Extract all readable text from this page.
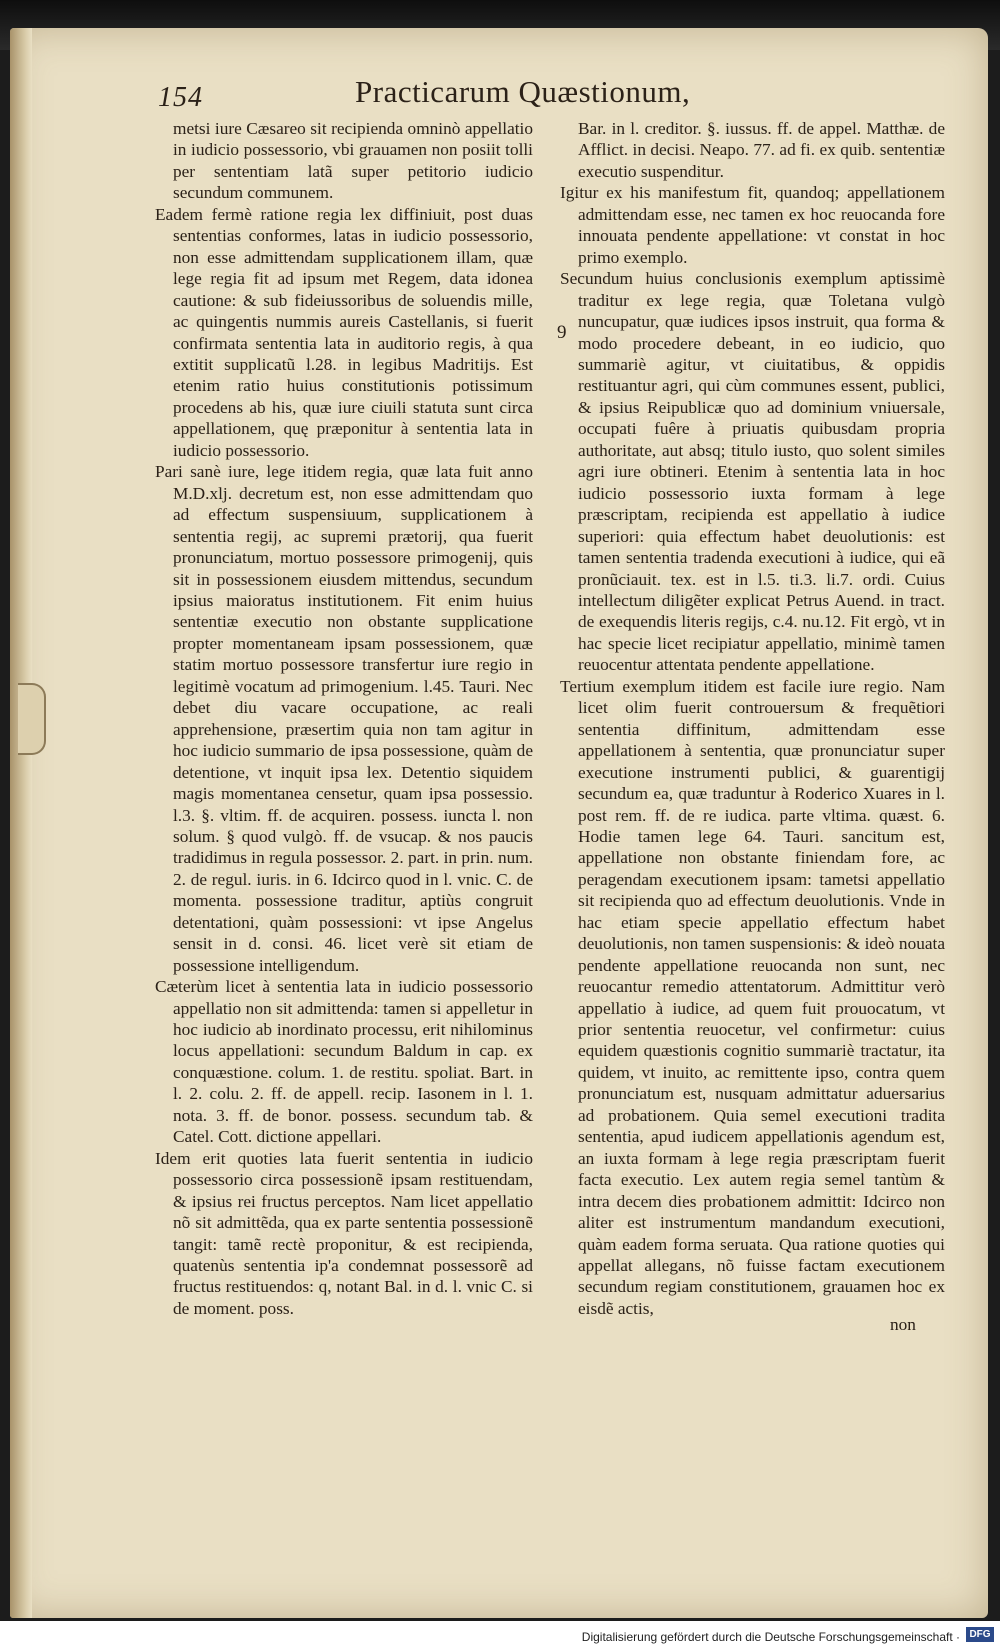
154	Practicarum Quæstionum,

metsi iure Cæsareo sit recipienda omninò appellatio in iudicio possessorio, vbi grauamen non posiit tolli per sententiam latã super petitorio iudicio secundum communem.

Eadem fermè ratione regia lex diffiniuit, post duas sententias conformes, latas in iudicio possessorio, non esse admittendam supplicationem illam, quæ lege regia fit ad ipsum met Regem, data idonea cautione: & sub fideiussoribus de soluendis mille, ac quingentis nummis aureis Castellanis, si fuerit confirmata sententia lata in auditorio regis, à qua extitit supplicatũ l.28. in legibus Madritijs. Est etenim ratio huius constitutionis potissimum procedens ab his, quæ iure ciuili statuta sunt circa appellationem, quę præponitur à sententia lata in iudicio possessorio.

Pari sanè iure, lege itidem regia, quæ lata fuit anno M.D.xlj. decretum est, non esse admittendam quo ad effectum suspensiuum, supplicationem à sententia regij, ac supremi prætorij, qua fuerit pronunciatum, mortuo possessore primogenij, quis sit in possessionem eiusdem mittendus, secundum ipsius maioratus institutionem. Fit enim huius sententiæ executio non obstante supplicatione propter momentaneam ipsam possessionem, quæ statim mortuo possessore transfertur iure regio in legitimè vocatum ad primogenium. l.45. Tauri. Nec debet diu vacare occupatione, ac reali apprehensione, præsertim quia non tam agitur in hoc iudicio summario de ipsa possessione, quàm de detentione, vt inquit ipsa lex. Detentio siquidem magis momentanea censetur, quam ipsa possessio. l.3. §. vltim. ff. de acquiren. possess. iuncta l. non solum. § quod vulgò. ff. de vsucap. & nos paucis tradidimus in regula possessor. 2. part. in prin. num. 2. de regul. iuris. in 6. Idcirco quod in l. vnic. C. de momenta. possessione traditur, aptiùs congruit detentationi, quàm possessioni: vt ipse Angelus sensit in d. consi. 46. licet verè sit etiam de possessione intelligendum.

Cæterùm licet à sententia lata in iudicio possessorio appellatio non sit admittenda: tamen si appelletur in hoc iudicio ab inordinato processu, erit nihilominus locus appellationi: secundum Baldum in cap. ex conquæstione. colum. 1. de restitu. spoliat. Bart. in l. 2. colu. 2. ff. de appell. recip. Iasonem in l. 1. nota. 3. ff. de bonor. possess. secundum tab. & Catel. Cott. dictione appellari.

Idem erit quoties lata fuerit sententia in iudicio possessorio circa possessionẽ ipsam restituendam, & ipsius rei fructus perceptos. Nam licet appellatio nõ sit admittẽda, qua ex parte sententia possessionẽ tangit: tamẽ rectè proponitur, & est recipienda, quatenùs sententia ip'a condemnat possessorẽ ad fructus restituendos: q, notant Bal. in d. l. vnic C. si de moment. poss.

9

Bar. in l. creditor. §. iussus. ff. de appel. Matthæ. de Afflict. in decisi. Neapo. 77. ad fi. ex quib. sententiæ executio suspenditur.

Igitur ex his manifestum fit, quandoq; appellationem admittendam esse, nec tamen ex hoc reuocanda fore innouata pendente appellatione: vt constat in hoc primo exemplo.

Secundum huius conclusionis exemplum aptissimè traditur ex lege regia, quæ Toletana vulgò nuncupatur, quæ iudices ipsos instruit, qua forma & modo procedere debeant, in eo iudicio, quo summariè agitur, vt ciuitatibus, & oppidis restituantur agri, qui cùm communes essent, publici, & ipsius Reipublicæ quo ad dominium vniuersale, occupati fuêre à priuatis quibusdam propria authoritate, aut absq; titulo iusto, quo solent similes agri iure obtineri. Etenim à sententia lata in hoc iudicio possessorio iuxta formam à lege præscriptam, recipienda est appellatio à iudice superiori: quia effectum habet deuolutionis: est tamen sententia tradenda executioni à iudice, qui eã pronũciauit. tex. est in l.5. ti.3. li.7. ordi. Cuius intellectum diligẽter explicat Petrus Auend. in tract. de exequendis literis regijs, c.4. nu.12. Fit ergò, vt in hac specie licet recipiatur appellatio, minimè tamen reuocentur attentata pendente appellatione.

Tertium exemplum itidem est facile iure regio. Nam licet olim fuerit controuersum & frequẽtiori sententia diffinitum, admittendam esse appellationem à sententia, quæ pronunciatur super executione instrumenti publici, & guarentigij secundum ea, quæ traduntur à Roderico Xuares in l. post rem. ff. de re iudica. parte vltima. quæst. 6. Hodie tamen lege 64. Tauri. sancitum est, appellatione non obstante finiendam fore, ac peragendam executionem ipsam: tametsi appellatio sit recipienda quo ad effectum deuolutionis. Vnde in hac etiam specie appellatio effectum habet deuolutionis, non tamen suspensionis: & ideò nouata pendente appellatione reuocanda non sunt, nec reuocantur remedio attentatorum. Admittitur verò appellatio à iudice, ad quem fuit prouocatum, vt prior sententia reuocetur, vel confirmetur: cuius equidem quæstionis cognitio summariè tractatur, ita quidem, vt inuito, ac remittente ipso, contra quem pronunciatum est, nusquam admittatur aduersarius ad probationem. Quia semel executioni tradita sententia, apud iudicem appellationis agendum est, an iuxta formam à lege regia præscriptam fuerit facta executio. Lex autem regia semel tantùm & intra decem dies probationem admittit: Idcirco non aliter est instrumentum mandandum executioni, quàm eadem forma seruata. Qua ratione quoties qui appellat allegans, nõ fuisse factam executionem secundum regiam constitutionem, grauamen hoc ex eisdẽ actis,

non
Digitalisierung gefördert durch die Deutsche Forschungsgemeinschaft · DFG
